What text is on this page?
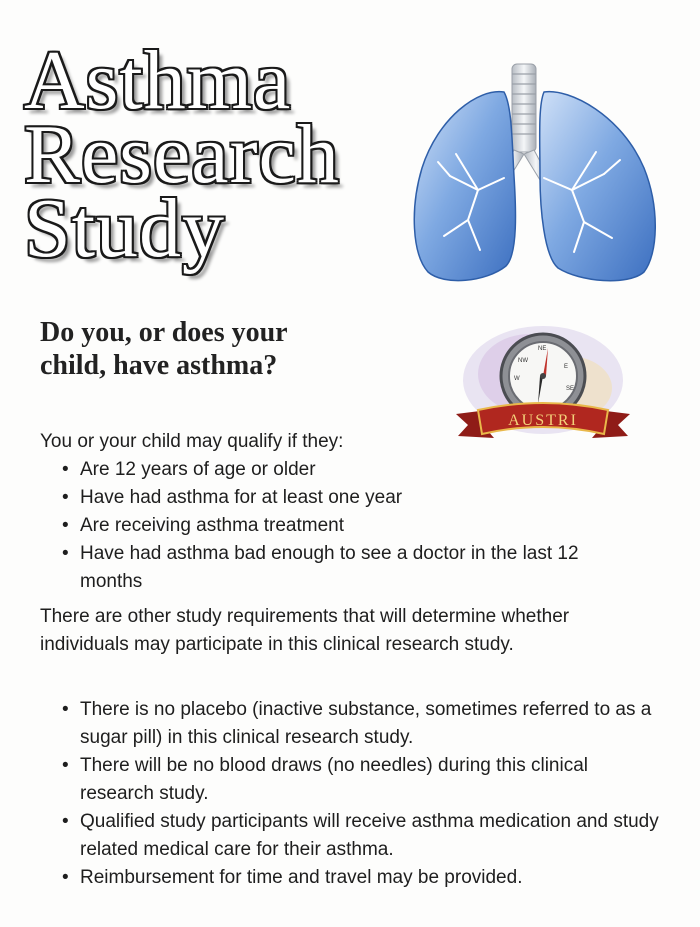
Asthma
Research
Study
Do you, or does your
child, have asthma?
NE
E
SE
W
NW
AUSTRI
You or your child may qualify if they:
• Are 12 years of age or older
• Have had asthma for at least one year
• Are receiving asthma treatment
• Have had asthma bad enough to see a doctor in the last 12 months
There are other study requirements that will determine whether individuals may participate in this clinical research study.
• There is no placebo (inactive substance, sometimes referred to as a sugar pill) in this clinical research study.
• There will be no blood draws (no needles) during this clinical research study.
• Qualified study participants will receive asthma medication and study related medical care for their asthma.
• Reimbursement for time and travel may be provided.
